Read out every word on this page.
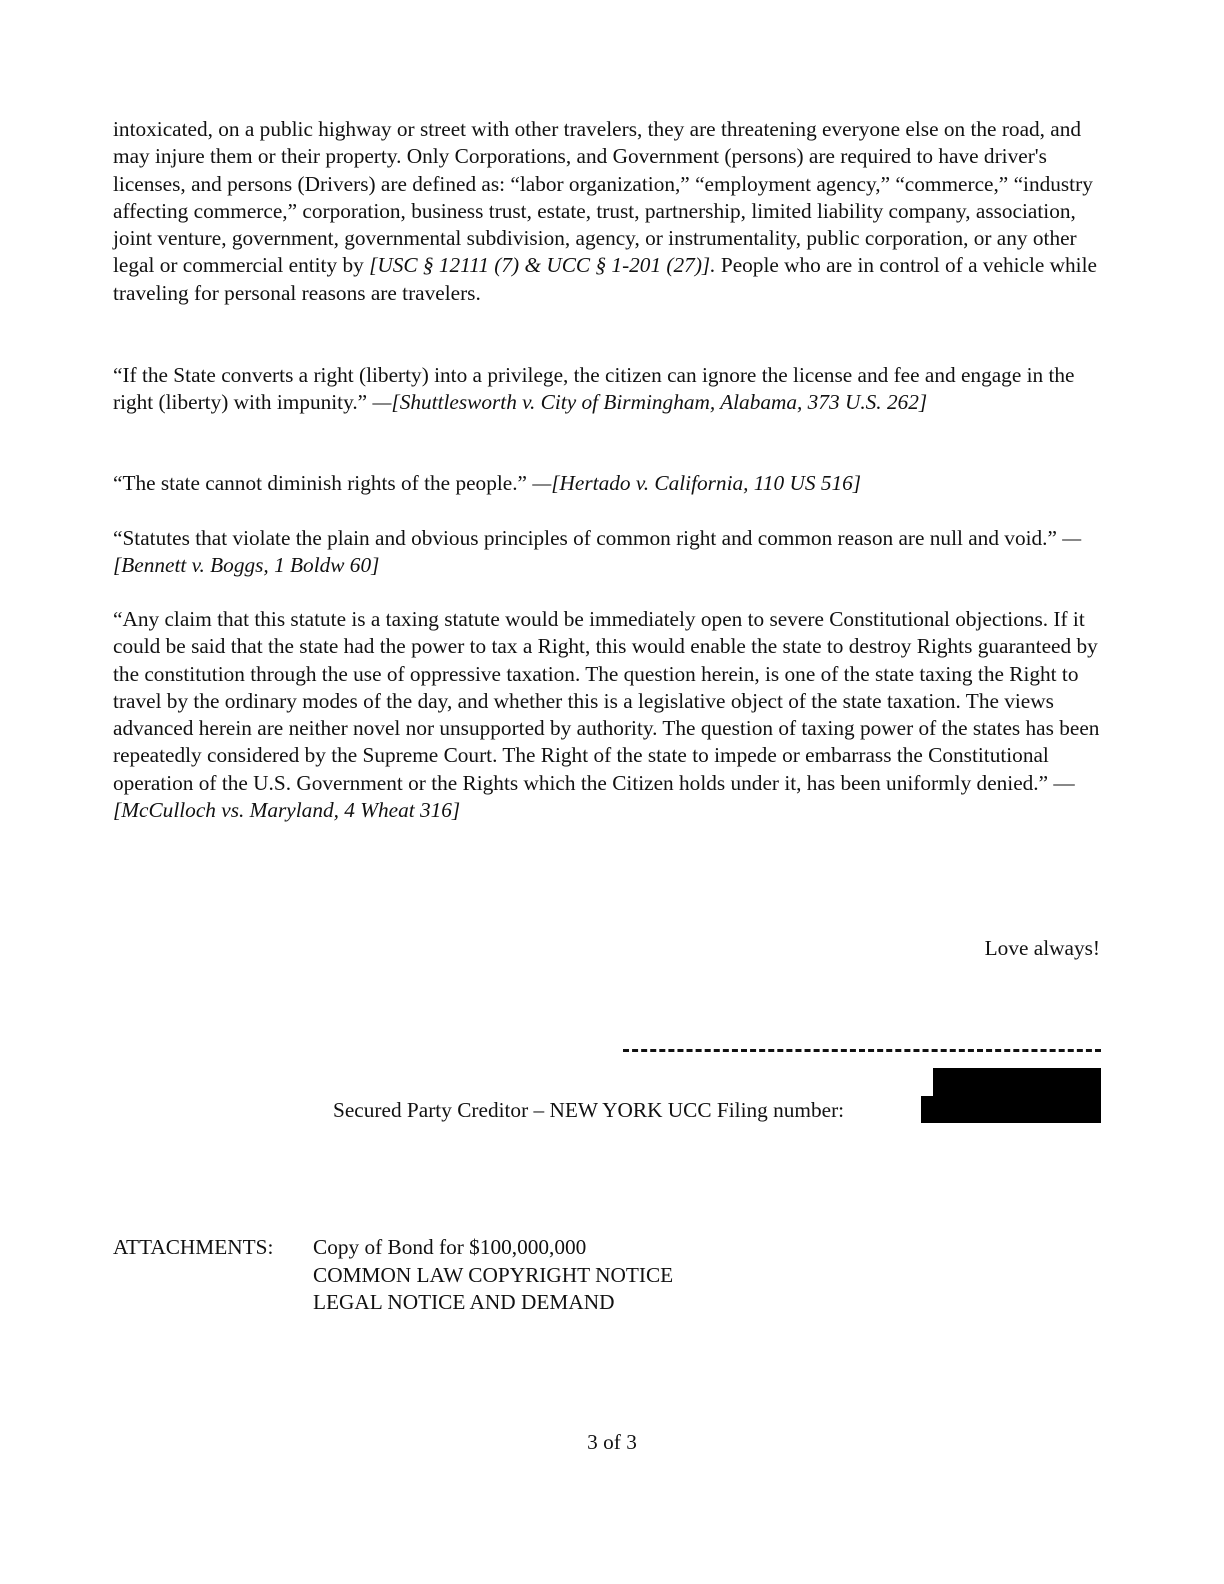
intoxicated, on a public highway or street with other travelers, they are threatening everyone else on the road, and may injure them or their property. Only Corporations, and Government (persons) are required to have driver's licenses, and persons (Drivers) are defined as: “labor organization,” “employment agency,” “commerce,” “industry affecting commerce,” corporation, business trust, estate, trust, partnership, limited liability company, association, joint venture, government, governmental subdivision, agency, or instrumentality, public corporation, or any other legal or commercial entity by [USC § 12111 (7) & UCC § 1-201 (27)]. People who are in control of a vehicle while traveling for personal reasons are travelers.

“If the State converts a right (liberty) into a privilege, the citizen can ignore the license and fee and engage in the right (liberty) with impunity.” —[Shuttlesworth v. City of Birmingham, Alabama, 373 U.S. 262]

“The state cannot diminish rights of the people.” —[Hertado v. California, 110 US 516]

“Statutes that violate the plain and obvious principles of common right and common reason are null and void.” —[Bennett v. Boggs, 1 Boldw 60]

“Any claim that this statute is a taxing statute would be immediately open to severe Constitutional objections. If it could be said that the state had the power to tax a Right, this would enable the state to destroy Rights guaranteed by the constitution through the use of oppressive taxation. The question herein, is one of the state taxing the Right to travel by the ordinary modes of the day, and whether this is a legislative object of the state taxation. The views advanced herein are neither novel nor unsupported by authority. The question of taxing power of the states has been repeatedly considered by the Supreme Court. The Right of the state to impede or embarrass the Constitutional operation of the U.S. Government or the Rights which the Citizen holds under it, has been uniformly denied.” —[McCulloch vs. Maryland, 4 Wheat 316]

Love always!
Secured Party Creditor – NEW YORK UCC Filing number:
ATTACHMENTS: Copy of Bond for $100,000,000
COMMON LAW COPYRIGHT NOTICE
LEGAL NOTICE AND DEMAND
3 of 3
